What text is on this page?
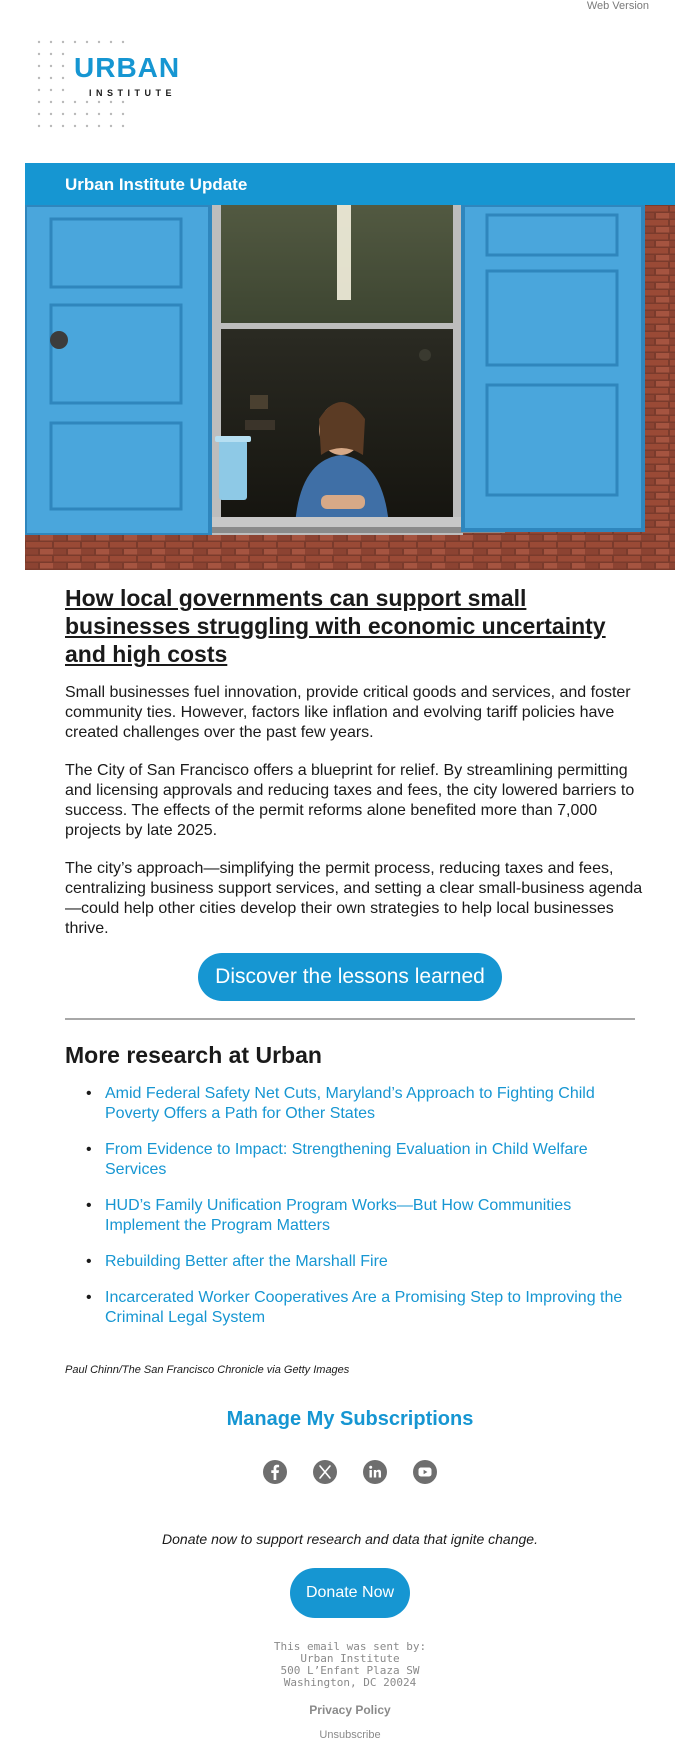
Web Version
URBAN
INSTITUTE
Urban Institute Update
How local governments can support small businesses struggling with economic uncertainty and high costs

Small businesses fuel innovation, provide critical goods and services, and foster community ties. However, factors like inflation and evolving tariff policies have created challenges over the past few years.

The City of San Francisco offers a blueprint for relief. By streamlining permitting and licensing approvals and reducing taxes and fees, the city lowered barriers to success. The effects of the permit reforms alone benefited more than 7,000 projects by late 2025.

The city’s approach—simplifying the permit process, reducing taxes and fees, centralizing business support services, and setting a clear small-business agenda—could help other cities develop their own strategies to help local businesses thrive.

Discover the lessons learned
More research at Urban
• Amid Federal Safety Net Cuts, Maryland’s Approach to Fighting Child Poverty Offers a Path for Other States
• From Evidence to Impact: Strengthening Evaluation in Child Welfare Services
• HUD’s Family Unification Program Works—But How Communities Implement the Program Matters
• Rebuilding Better after the Marshall Fire
• Incarcerated Worker Cooperatives Are a Promising Step to Improving the Criminal Legal System
Paul Chinn/The San Francisco Chronicle via Getty Images
Manage My Subscriptions
Donate now to support research and data that ignite change.
Donate Now
This email was sent by:
Urban Institute
500 L’Enfant Plaza SW
Washington, DC 20024
Privacy Policy
Unsubscribe
